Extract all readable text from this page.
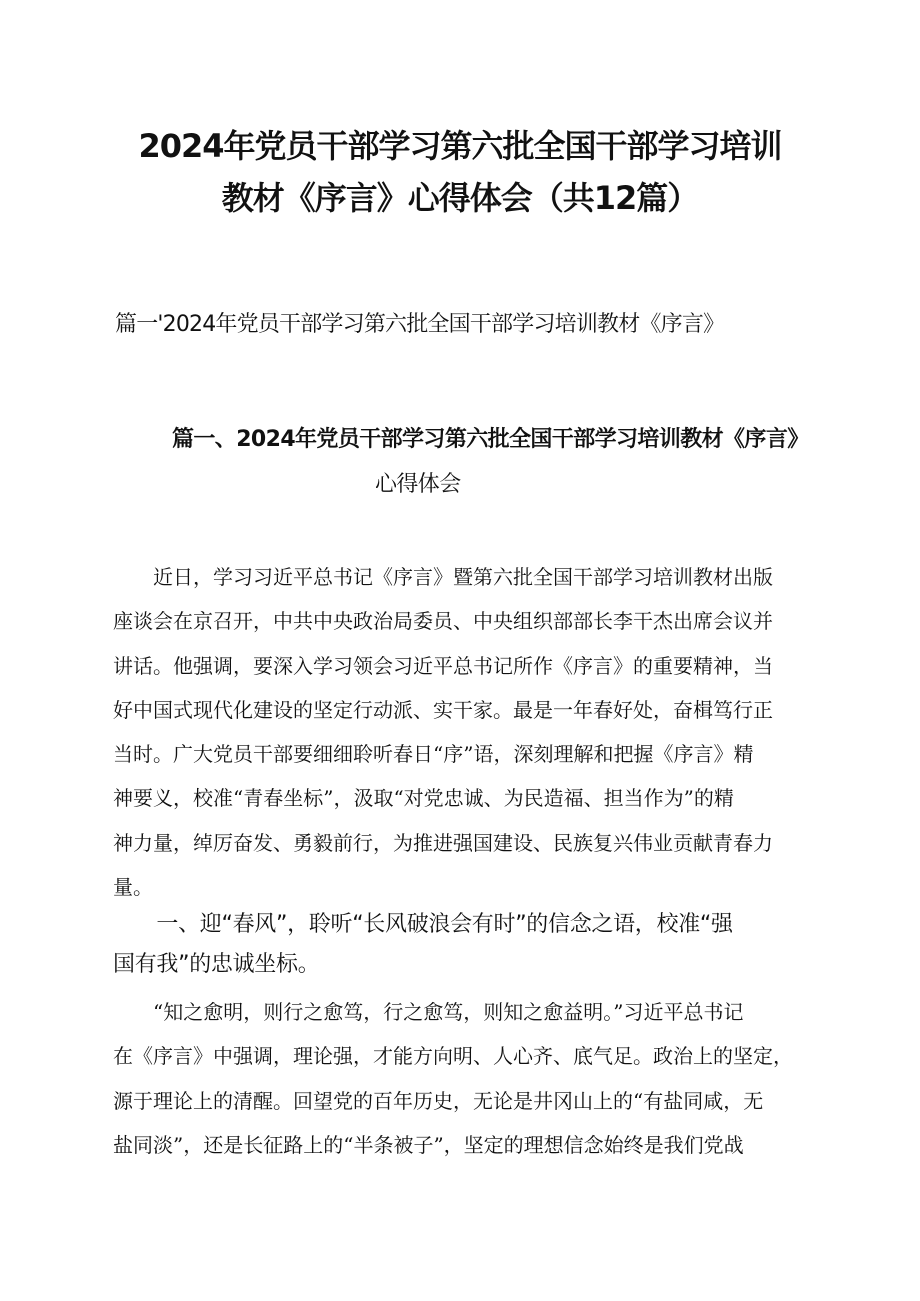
2024年党员干部学习第六批全国干部学习培训
教材《序言》心得体会（共12篇）
篇一'2024年党员干部学习第六批全国干部学习培训教材《序言》
篇一、2024年党员干部学习第六批全国干部学习培训教材《序言》
心得体会
　　近日，学习习近平总书记《序言》暨第六批全国干部学习培训教材出版
座谈会在京召开，中共中央政治局委员、中央组织部部长李干杰出席会议并
讲话。他强调，要深入学习领会习近平总书记所作《序言》的重要精神，当
好中国式现代化建设的坚定行动派、实干家。最是一年春好处，奋楫笃行正
当时。广大党员干部要细细聆听春日“序”语，深刻理解和把握《序言》精
神要义，校准“青春坐标”，汲取“对党忠诚、为民造福、担当作为”的精
神力量，绰厉奋发、勇毅前行，为推进强国建设、民族复兴伟业贡献青春力
量。
　　一、迎“春风”，聆听“长风破浪会有时”的信念之语，校准“强
国有我”的忠诚坐标。
　　“知之愈明，则行之愈笃，行之愈笃，则知之愈益明。”习近平总书记
在《序言》中强调，理论强，才能方向明、人心齐、底气足。政治上的坚定，
源于理论上的清醒。回望党的百年历史，无论是井冈山上的“有盐同咸，无
盐同淡”，还是长征路上的“半条被子”，坚定的理想信念始终是我们党战
